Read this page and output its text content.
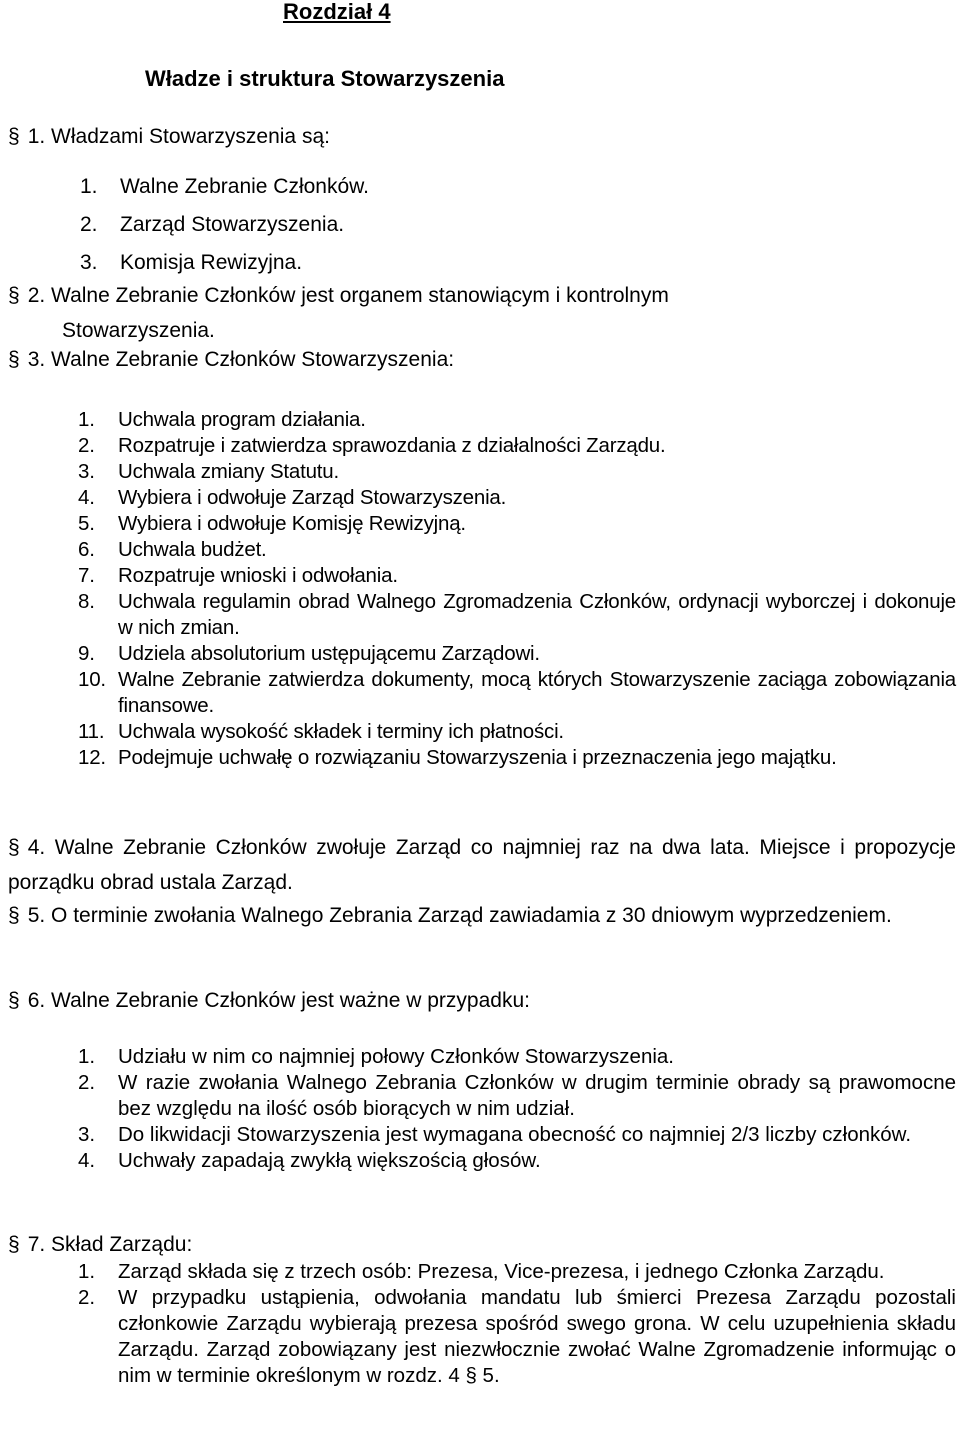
Rozdział 4
Władze i struktura Stowarzyszenia
§ 1. Władzami Stowarzyszenia są:
1. Walne Zebranie Członków.
2. Zarząd Stowarzyszenia.
3. Komisja Rewizyjna.
§ 2. Walne Zebranie Członków jest organem stanowiącym i kontrolnym
Stowarzyszenia.
§ 3. Walne Zebranie Członków Stowarzyszenia:
1. Uchwala program działania.
2. Rozpatruje i zatwierdza sprawozdania z działalności Zarządu.
3. Uchwala zmiany Statutu.
4. Wybiera i odwołuje Zarząd Stowarzyszenia.
5. Wybiera i odwołuje Komisję Rewizyjną.
6. Uchwala budżet.
7. Rozpatruje wnioski i odwołania.
8. Uchwala regulamin obrad Walnego Zgromadzenia Członków, ordynacji wyborczej i dokonuje w nich zmian.
9. Udziela absolutorium ustępującemu Zarządowi.
10. Walne Zebranie zatwierdza dokumenty, mocą których Stowarzyszenie zaciąga zobowiązania finansowe.
11. Uchwala wysokość składek i terminy ich płatności.
12. Podejmuje uchwałę o rozwiązaniu Stowarzyszenia i przeznaczenia jego majątku.
§ 4. Walne Zebranie Członków zwołuje Zarząd co najmniej raz na dwa lata. Miejsce i propozycje porządku obrad ustala Zarząd.
§ 5. O terminie zwołania Walnego Zebrania Zarząd zawiadamia z 30 dniowym wyprzedzeniem.
§ 6. Walne Zebranie Członków jest ważne w przypadku:
1. Udziału w nim co najmniej połowy Członków Stowarzyszenia.
2. W razie zwołania Walnego Zebrania Członków w drugim terminie obrady są prawomocne bez względu na ilość osób biorących w nim udział.
3. Do likwidacji Stowarzyszenia jest wymagana obecność co najmniej 2/3 liczby członków.
4. Uchwały zapadają zwykłą większością głosów.
§ 7. Skład Zarządu:
1. Zarząd składa się z trzech osób: Prezesa, Vice-prezesa, i jednego Członka Zarządu.
2. W przypadku ustąpienia, odwołania mandatu lub śmierci Prezesa Zarządu pozostali członkowie Zarządu wybierają prezesa spośród swego grona. W celu uzupełnienia składu Zarządu. Zarząd zobowiązany jest niezwłocznie zwołać Walne Zgromadzenie informując o nim w terminie określonym w rozdz. 4 § 5.
